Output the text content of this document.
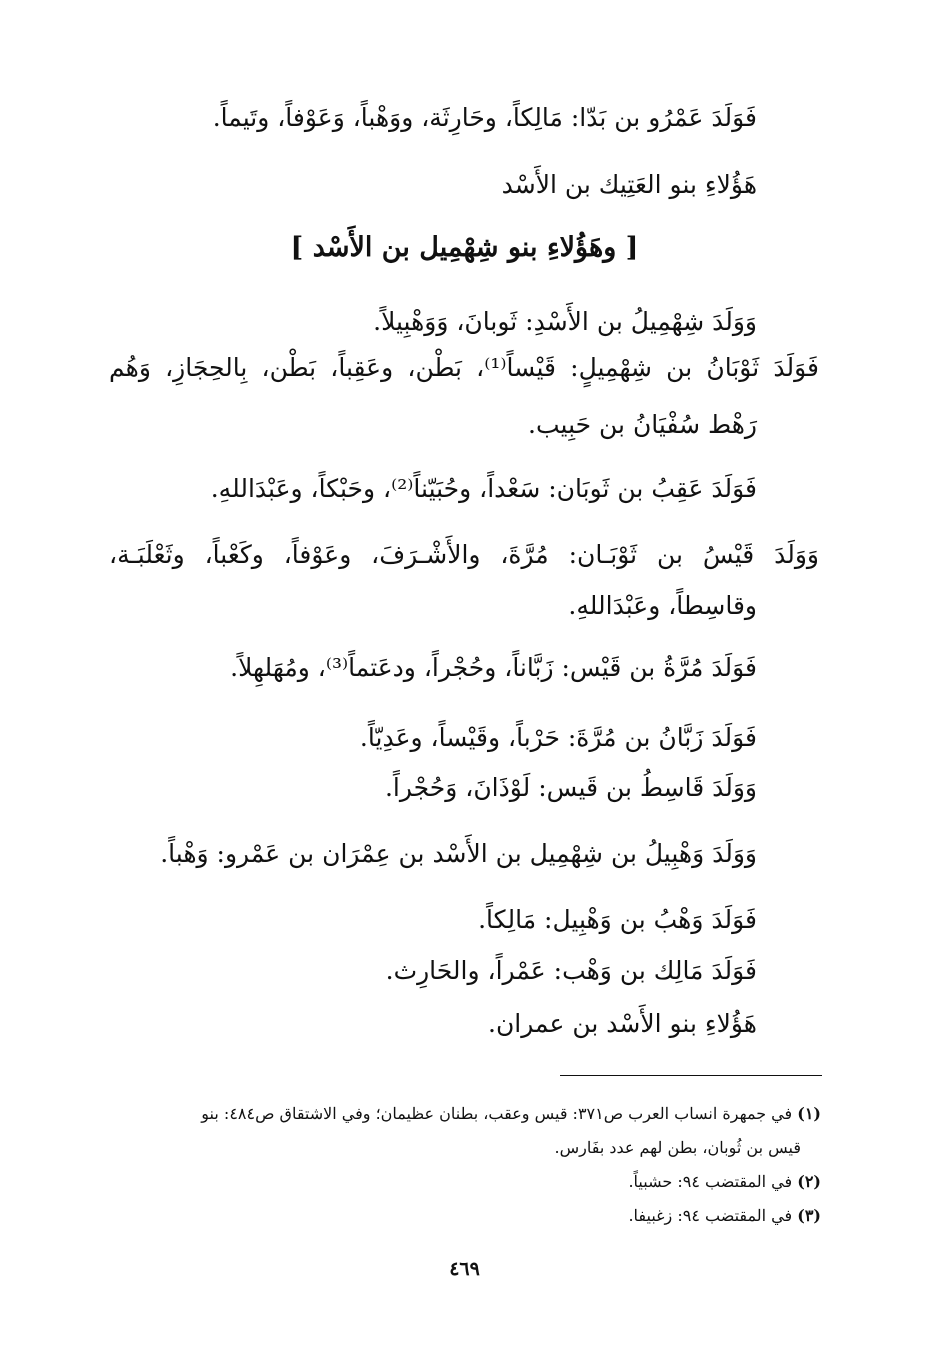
فَوَلَدَ عَمْرُو بن بَدّا: مَالِكاً، وحَارِثَة، ووَهْباً، وَعَوْفاً، وتَيماً.
هَؤُلاءِ بنو العَتِيك بن الأَسْد
[ وهَؤُلاءِ بنو شِهْمِيل بن الأَسْد ]
وَوَلَدَ شِهْمِيلُ بن الأَسْدِ: ثَوبانَ، وَوَهْبِيلاً.
فَوَلَدَ ثَوْبَانُ بن شِهْمِيلٍ: قَيْساً⁽¹⁾، بَطْن، وعَقِباً، بَطْن، بِالحِجَازِ، وَهُم
رَهْط سُفْيَانُ بن حَبِيب.
فَوَلَدَ عَقِبُ بن ثَوبَان: سَعْداً، وحُبَيّناً⁽²⁾، وحَبْكاً، وعَبْدَاللهِ.
وَوَلَدَ قَيْسُ بن ثَوْبَـان: مُرَّةَ، والأَشْـرَفَ، وعَوْفاً، وكَعْباً، وثَعْلَبَـة،
وقاسِطاً، وعَبْدَاللهِ.
فَوَلَدَ مُرَّةُ بن قَيْس: زَبَّاناً، وحُجْراً، ودعَتماً⁽³⁾، ومُهَلهِلاً.
فَوَلَدَ زَبَّانُ بن مُرَّةَ: حَرْباً، وقَيْساً، وعَدِيّاً.
وَوَلَدَ قَاسِطُ بن قَيس: لَوْذَانَ، وَحُجْراً.
وَوَلَدَ وَهْبِيلُ بن شِهْمِيل بن الأَسْد بن عِمْرَان بن عَمْرو: وَهْباً.
فَوَلَدَ وَهْبُ بن وَهْبِيل: مَالِكاً.
فَوَلَدَ مَالِك بن وَهْب: عَمْراً، والحَارِث.
هَؤُلاءِ بنو الأَسْد بن عمران.
(١) في جمهرة انساب العرب ص٣٧١: قيس وعقب، بطنان عظيمان؛ وفي الاشتقاق ص٤٨٤: بنو
قيس بن ثُوبان، بطن لهم عدد بفَارس.
(٢) في المقتضب ٩٤: حشبياً.
(٣) في المقتضب ٩٤: زغبيفا.
٤٦٩
